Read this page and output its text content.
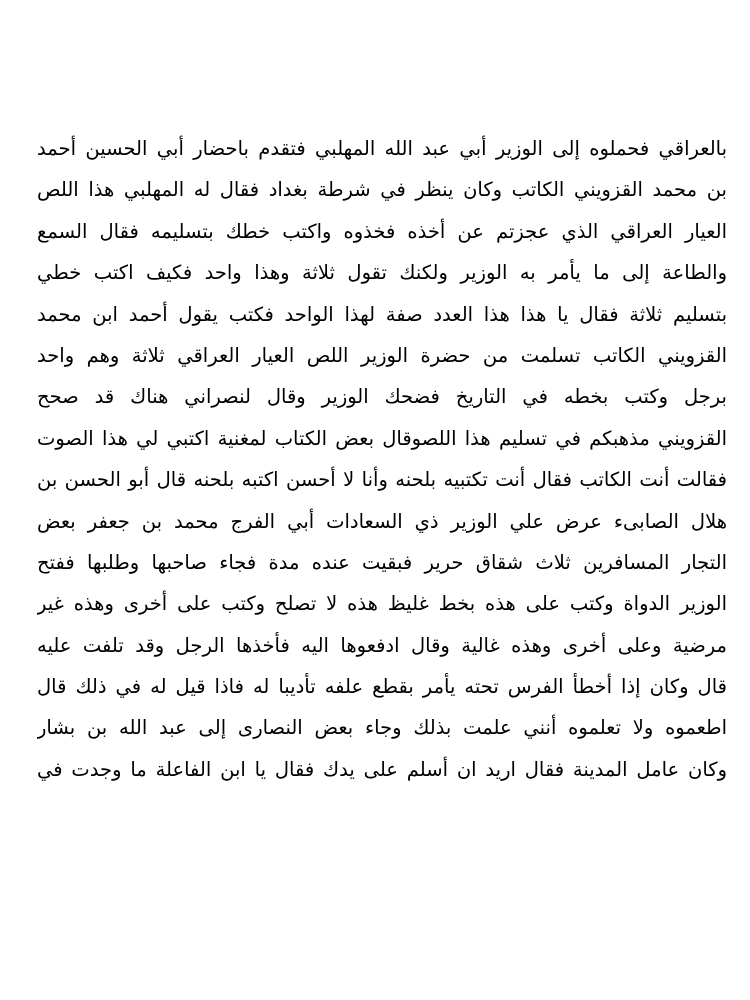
بالعراقي فحملوه إلى الوزير أبي عبد الله المهلبي فتقدم باحضار أبي الحسين أحمد
بن محمد القزويني الكاتب وكان ينظر في شرطة بغداد فقال له المهلبي هذا اللص
العيار العراقي الذي عجزتم عن أخذه فخذوه واكتب خطك بتسليمه فقال السمع
والطاعة إلى ما يأمر به الوزير ولكنك تقول ثلاثة وهذا واحد فكيف اكتب خطي
بتسليم ثلاثة فقال يا هذا هذا العدد صفة لهذا الواحد فكتب يقول أحمد ابن محمد
القزويني الكاتب تسلمت من حضرة الوزير اللص العيار العراقي ثلاثة وهم واحد
برجل وكتب بخطه في التاريخ فضحك الوزير وقال لنصراني هناك قد صحح
القزويني مذهبكم في تسليم هذا اللصوقال بعض الكتاب لمغنية اكتبي لي هذا الصوت
فقالت أنت الكاتب فقال أنت تكتبيه بلحنه وأنا لا أحسن اكتبه بلحنه قال أبو الحسن بن
هلال الصابىء عرض علي الوزير ذي السعادات أبي الفرج محمد بن جعفر بعض
التجار المسافرين ثلاث شقاق حرير فبقيت عنده مدة فجاء صاحبها وطلبها ففتح
الوزير الدواة وكتب على هذه بخط غليظ هذه لا تصلح وكتب على أخرى وهذه غير
مرضية وعلى أخرى وهذه غالية وقال ادفعوها اليه فأخذها الرجل وقد تلفت عليه
قال وكان إذا أخطأ الفرس تحته يأمر بقطع علفه تأديبا له فاذا قيل له في ذلك قال
اطعموه ولا تعلموه أنني علمت بذلك وجاء بعض النصارى إلى عبد الله بن بشار
وكان عامل المدينة فقال اريد ان أسلم على يدك فقال يا ابن الفاعلة ما وجدت في
